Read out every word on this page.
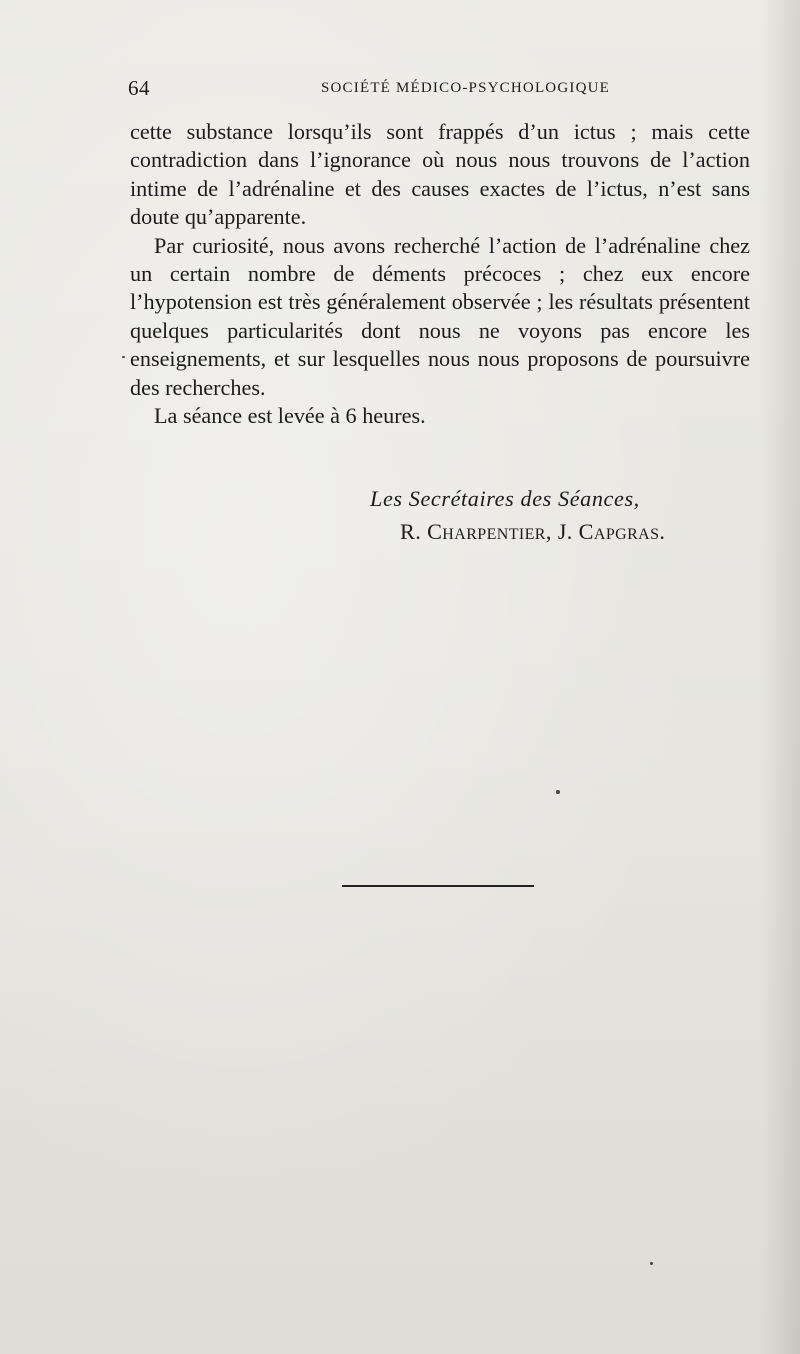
64	SOCIÉTÉ MÉDICO-PSYCHOLOGIQUE

cette substance lorsqu’ils sont frappés d’un ictus ; mais cette contradiction dans l’ignorance où nous nous trouvons de l’action intime de l’adrénaline et des causes exactes de l’ictus, n’est sans doute qu’apparente.

Par curiosité, nous avons recherché l’action de l’adrénaline chez un certain nombre de déments précoces ; chez eux encore l’hypotension est très généralement observée ; les résultats présentent quelques particularités dont nous ne voyons pas encore les enseignements, et sur lesquelles nous nous proposons de poursuivre des recherches.

La séance est levée à 6 heures.

Les Secrétaires des Séances,
R. Charpentier, J. Capgras.
